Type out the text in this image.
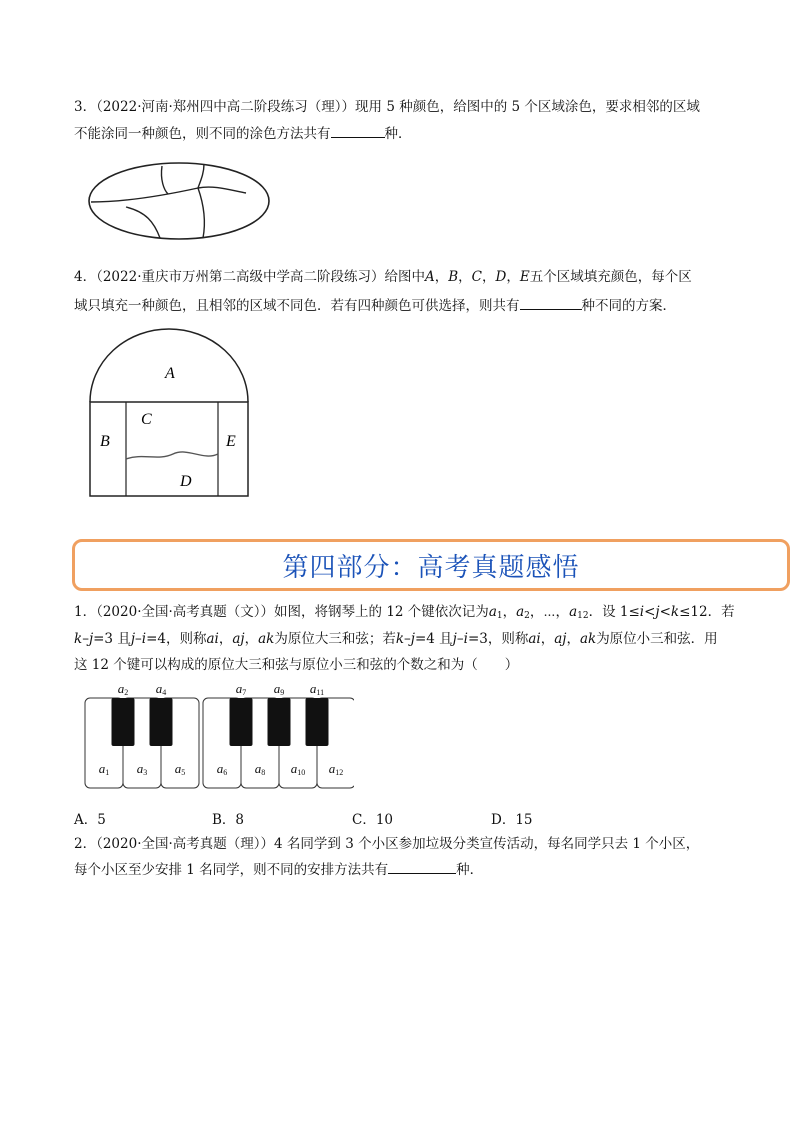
3．（2022·河南·郑州四中高二阶段练习（理））现用 5 种颜色，给图中的 5 个区域涂色，要求相邻的区域
不能涂同一种颜色，则不同的涂色方法共有	种．
4．（2022·重庆市万州第二高级中学高二阶段练习）给图中A，B，C，D，E五个区域填充颜色，每个区
域只填充一种颜色，且相邻的区域不同色．若有四种颜色可供选择，则共有	种不同的方案．
A
B
C
D
E
第四部分：高考真题感悟
1．（2020·全国·高考真题（文））如图，将钢琴上的 12 个键依次记为a1，a2，⋯，a12．设 1≤i<j<k≤12．若
k–j=3 且j–i=4，则称ai，aj，ak为原位大三和弦；若k–j=4 且j–i=3，则称ai，aj，ak为原位小三和弦．用
这 12 个键可以构成的原位大三和弦与原位小三和弦的个数之和为（　　）
a2 a4	a7 a9 a11
a1 a3 a5 a6 a8 a10 a12
A．5	B．8	C．10	D．15
2．（2020·全国·高考真题（理））4 名同学到 3 个小区参加垃圾分类宣传活动，每名同学只去 1 个小区，
每个小区至少安排 1 名同学，则不同的安排方法共有	种．
